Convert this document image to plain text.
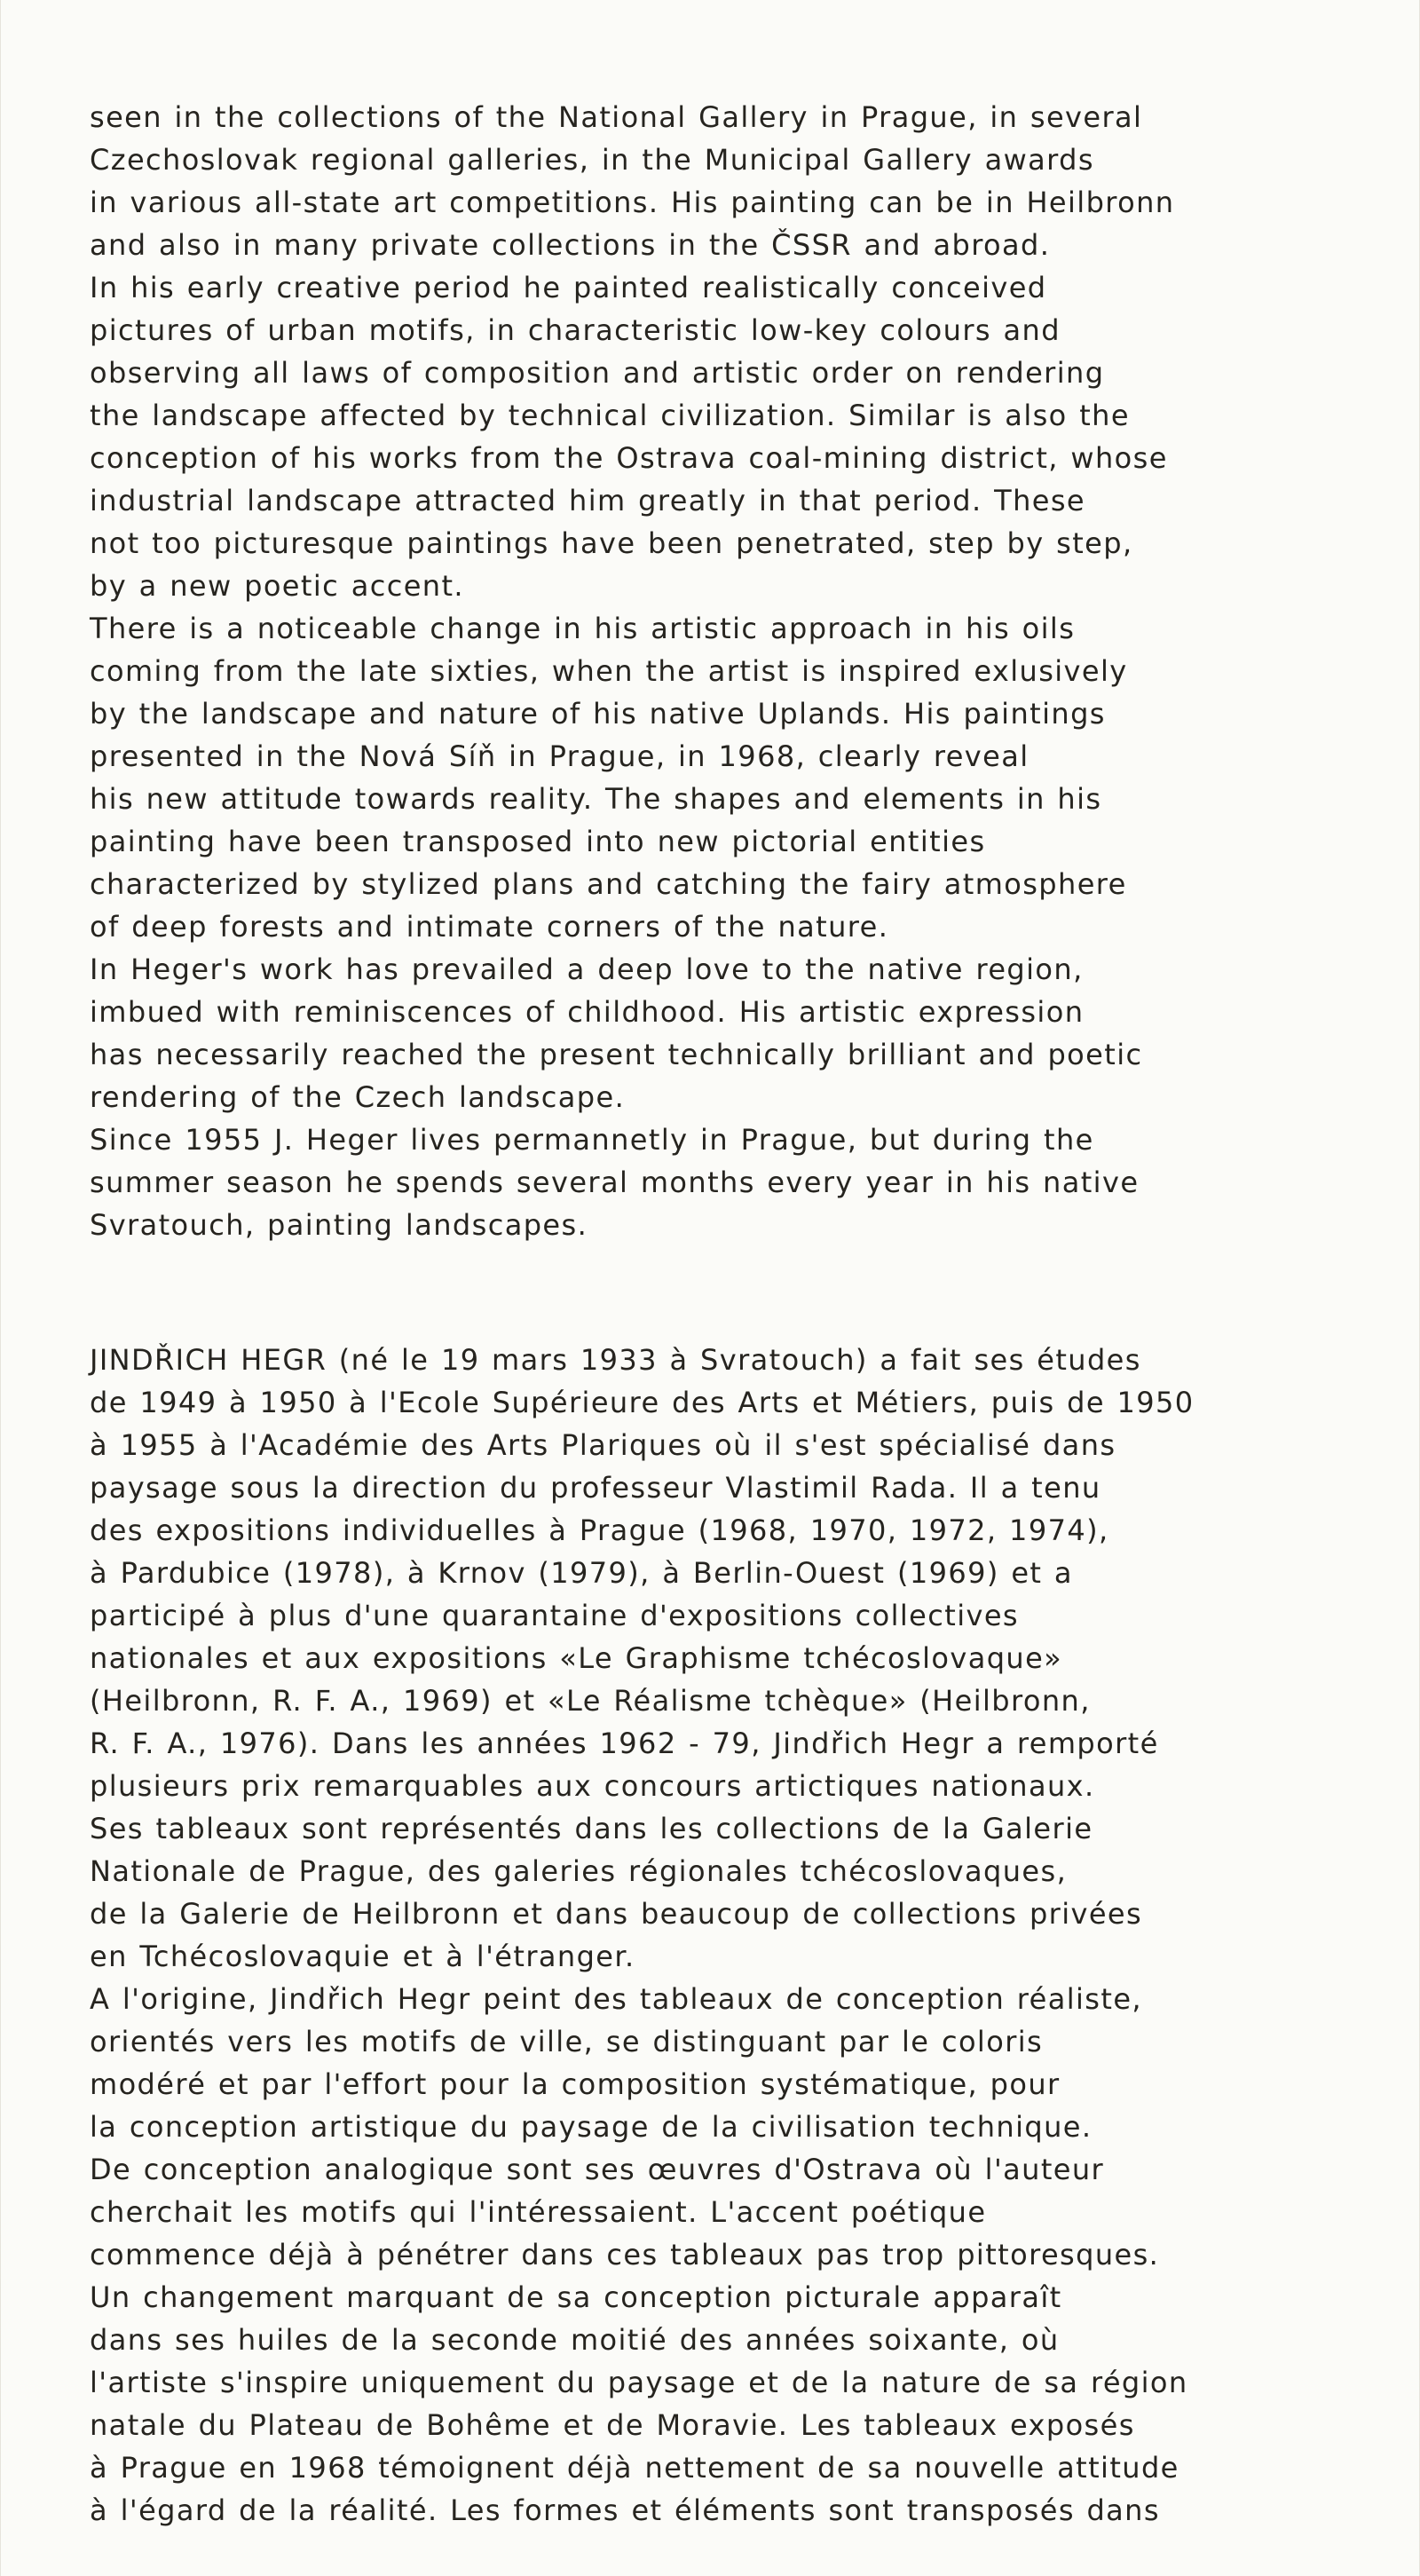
seen in the collections of the National Gallery in Prague, in several
Czechoslovak regional galleries, in the Municipal Gallery awards
in various all-state art competitions. His painting can be in Heilbronn
and also in many private collections in the ČSSR and abroad.
In his early creative period he painted realistically conceived
pictures of urban motifs, in characteristic low-key colours and
observing all laws of composition and artistic order on rendering
the landscape affected by technical civilization. Similar is also the
conception of his works from the Ostrava coal-mining district, whose
industrial landscape attracted him greatly in that period. These
not too picturesque paintings have been penetrated, step by step,
by a new poetic accent.
There is a noticeable change in his artistic approach in his oils
coming from the late sixties, when the artist is inspired exlusively
by the landscape and nature of his native Uplands. His paintings
presented in the Nová Síň in Prague, in 1968, clearly reveal
his new attitude towards reality. The shapes and elements in his
painting have been transposed into new pictorial entities
characterized by stylized plans and catching the fairy atmosphere
of deep forests and intimate corners of the nature.
In Heger's work has prevailed a deep love to the native region,
imbued with reminiscences of childhood. His artistic expression
has necessarily reached the present technically brilliant and poetic
rendering of the Czech landscape.
Since 1955 J. Heger lives permannetly in Prague, but during the
summer season he spends several months every year in his native
Svratouch, painting landscapes.
JINDŘICH HEGR (né le 19 mars 1933 à Svratouch) a fait ses études
de 1949 à 1950 à l'Ecole Supérieure des Arts et Métiers, puis de 1950
à 1955 à l'Académie des Arts Plariques où il s'est spécialisé dans
paysage sous la direction du professeur Vlastimil Rada. Il a tenu
des expositions individuelles à Prague (1968, 1970, 1972, 1974),
à Pardubice (1978), à Krnov (1979), à Berlin-Ouest (1969) et a
participé à plus d'une quarantaine d'expositions collectives
nationales et aux expositions «Le Graphisme tchécoslovaque»
(Heilbronn, R. F. A., 1969) et «Le Réalisme tchèque» (Heilbronn,
R. F. A., 1976). Dans les années 1962 - 79, Jindřich Hegr a remporté
plusieurs prix remarquables aux concours artictiques nationaux.
Ses tableaux sont représentés dans les collections de la Galerie
Nationale de Prague, des galeries régionales tchécoslovaques,
de la Galerie de Heilbronn et dans beaucoup de collections privées
en Tchécoslovaquie et à l'étranger.
A l'origine, Jindřich Hegr peint des tableaux de conception réaliste,
orientés vers les motifs de ville, se distinguant par le coloris
modéré et par l'effort pour la composition systématique, pour
la conception artistique du paysage de la civilisation technique.
De conception analogique sont ses œuvres d'Ostrava où l'auteur
cherchait les motifs qui l'intéressaient. L'accent poétique
commence déjà à pénétrer dans ces tableaux pas trop pittoresques.
Un changement marquant de sa conception picturale apparaît
dans ses huiles de la seconde moitié des années soixante, où
l'artiste s'inspire uniquement du paysage et de la nature de sa région
natale du Plateau de Bohême et de Moravie. Les tableaux exposés
à Prague en 1968 témoignent déjà nettement de sa nouvelle attitude
à l'égard de la réalité. Les formes et éléments sont transposés dans
